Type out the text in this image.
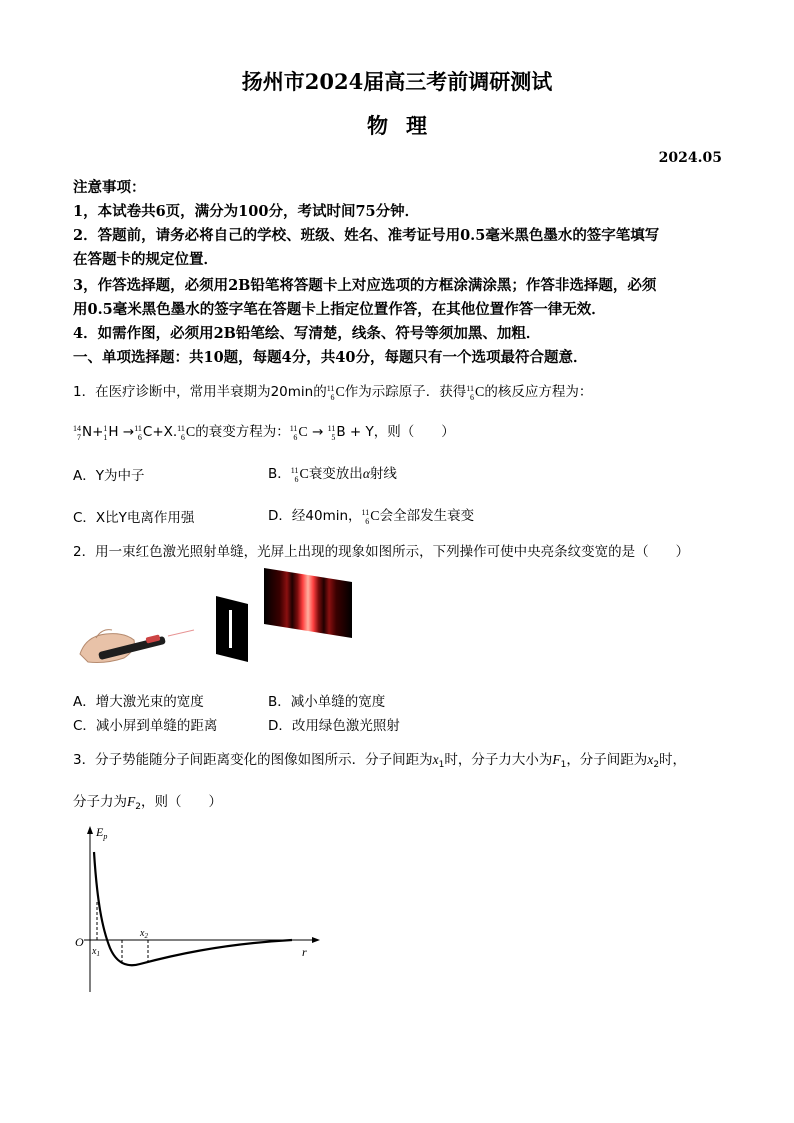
扬州市2024届高三考前调研测试
物理
2024.05
注意事项：
1，本试卷共6页，满分为100分，考试时间75分钟．
2．答题前，请务必将自己的学校、班级、姓名、准考证号用0.5毫米黑色墨水的签字笔填写
在答题卡的规定位置．
3，作答选择题，必须用2B铅笔将答题卡上对应选项的方框涂满涂黑；作答非选择题，必须
用0.5毫米黑色墨水的签字笔在答题卡上指定位置作答，在其他位置作答一律无效．
4．如需作图，必须用2B铅笔绘、写清楚，线条、符号等须加黑、加粗．
一、单项选择题：共10题，每题4分，共40分，每题只有一个选项最符合题意．
1．在医疗诊断中，常用半衰期为20min的 11
6 C作为示踪原子．获得 11
6 C的核反应方程为：
14
7 N+ 1
1 H → 11
6 C+X. 11
6 C的衰变方程为： 11
6 C → 11
5 B + Y，则（　　）
A．Y为中子	B． 11
6 C衰变放出α射线
C．X比Y电离作用强	D．经40min， 11
6 C会全部发生衰变
2．用一束红色激光照射单缝，光屏上出现的现象如图所示，下列操作可使中央亮条纹变宽的是（　　）
A．增大激光束的宽度	B．减小单缝的宽度
C．减小屏到单缝的距离	D．改用绿色激光照射
3．分子势能随分子间距离变化的图像如图所示．分子间距为$x_1$时，分子力大小为$F_1$，分子间距为$x_2$时，
分子力为$F_2$，则（　　）
$E_p$
O
r
$x_1$
$x_2$
